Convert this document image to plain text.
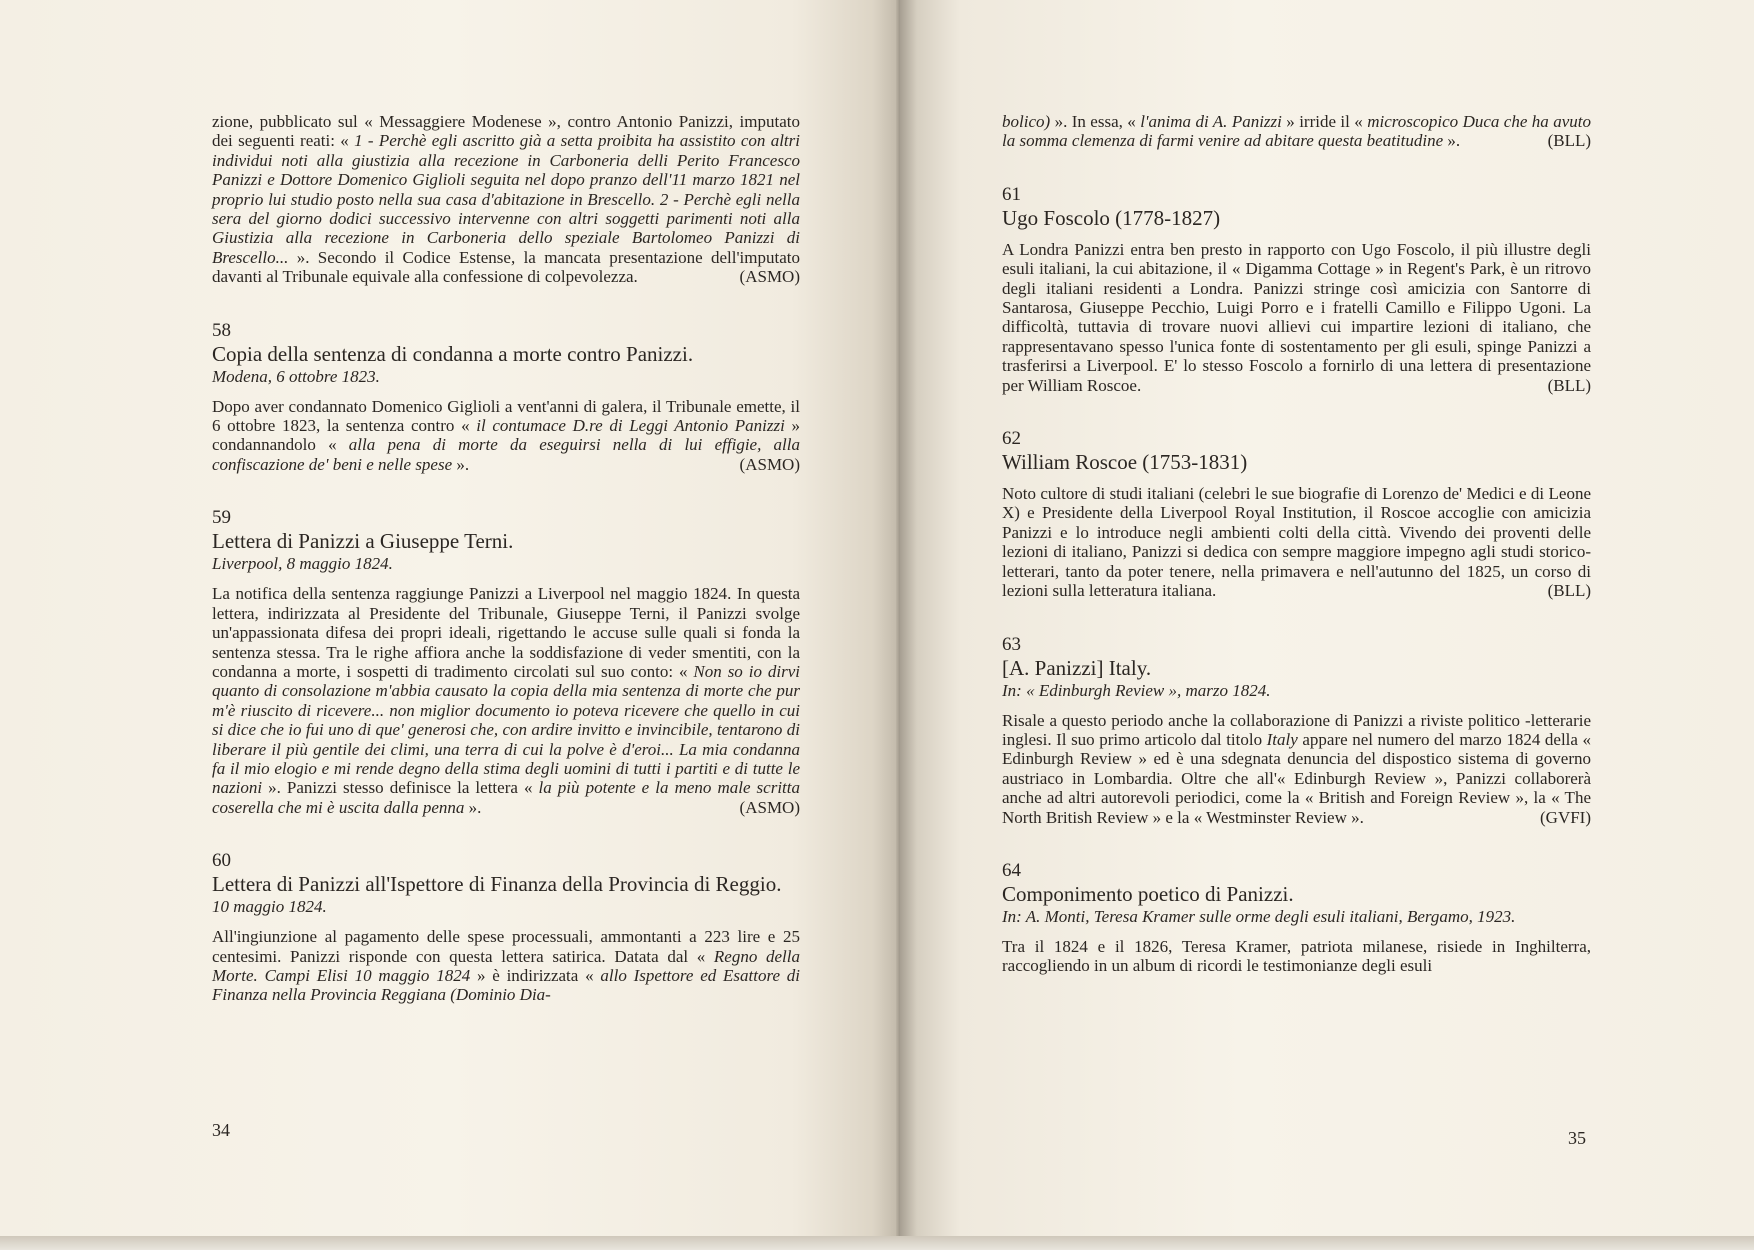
zione, pubblicato sul « Messaggiere Modenese », contro Antonio Panizzi, imputato dei seguenti reati: « 1 - Perchè egli ascritto già a setta proibita ha assistito con altri individui noti alla giustizia alla recezione in Carboneria delli Perito Francesco Panizzi e Dottore Domenico Giglioli seguita nel dopo pranzo dell'11 marzo 1821 nel proprio lui studio posto nella sua casa d'abitazione in Brescello. 2 - Perchè egli nella sera del giorno dodici successivo intervenne con altri soggetti parimenti noti alla Giustizia alla recezione in Carboneria dello speziale Bartolomeo Panizzi di Brescello... ». Secondo il Codice Estense, la mancata presentazione dell'imputato davanti al Tribunale equivale alla confessione di colpevolezza.	(ASMO)

58
Copia della sentenza di condanna a morte contro Panizzi.
Modena, 6 ottobre 1823.

Dopo aver condannato Domenico Giglioli a vent'anni di galera, il Tribunale emette, il 6 ottobre 1823, la sentenza contro « il contumace D.re di Leggi Antonio Panizzi » condannandolo « alla pena di morte da eseguirsi nella di lui effigie, alla confiscazione de' beni e nelle spese ».	(ASMO)

59
Lettera di Panizzi a Giuseppe Terni.
Liverpool, 8 maggio 1824.

La notifica della sentenza raggiunge Panizzi a Liverpool nel maggio 1824. In questa lettera, indirizzata al Presidente del Tribunale, Giuseppe Terni, il Panizzi svolge un'appassionata difesa dei propri ideali, rigettando le accuse sulle quali si fonda la sentenza stessa. Tra le righe affiora anche la soddisfazione di veder smentiti, con la condanna a morte, i sospetti di tradimento circolati sul suo conto: « Non so io dirvi quanto di consolazione m'abbia causato la copia della mia sentenza di morte che pur m'è riuscito di ricevere... non miglior documento io poteva ricevere che quello in cui si dice che io fui uno di que' generosi che, con ardire invitto e invincibile, tentarono di liberare il più gentile dei climi, una terra di cui la polve è d'eroi... La mia condanna fa il mio elogio e mi rende degno della stima degli uomini di tutti i partiti e di tutte le nazioni ». Panizzi stesso definisce la lettera « la più potente e la meno male scritta coserella che mi è uscita dalla penna ».	(ASMO)

60
Lettera di Panizzi all'Ispettore di Finanza della Provincia di Reggio.
10 maggio 1824.

All'ingiunzione al pagamento delle spese processuali, ammontanti a 223 lire e 25 centesimi. Panizzi risponde con questa lettera satirica. Datata dal « Regno della Morte. Campi Elisi 10 maggio 1824 » è indirizzata « allo Ispettore ed Esattore di Finanza nella Provincia Reggiana (Dominio Dia-

34

bolico) ». In essa, « l'anima di A. Panizzi » irride il « microscopico Duca che ha avuto la somma clemenza di farmi venire ad abitare questa beatitudine ».	(BLL)

61
Ugo Foscolo (1778-1827)

A Londra Panizzi entra ben presto in rapporto con Ugo Foscolo, il più illustre degli esuli italiani, la cui abitazione, il « Digamma Cottage » in Regent's Park, è un ritrovo degli italiani residenti a Londra. Panizzi stringe così amicizia con Santorre di Santarosa, Giuseppe Pecchio, Luigi Porro e i fratelli Camillo e Filippo Ugoni. La difficoltà, tuttavia di trovare nuovi allievi cui impartire lezioni di italiano, che rappresentavano spesso l'unica fonte di sostentamento per gli esuli, spinge Panizzi a trasferirsi a Liverpool. E' lo stesso Foscolo a fornirlo di una lettera di presentazione per William Roscoe.	(BLL)

62
William Roscoe (1753-1831)

Noto cultore di studi italiani (celebri le sue biografie di Lorenzo de' Medici e di Leone X) e Presidente della Liverpool Royal Institution, il Roscoe accoglie con amicizia Panizzi e lo introduce negli ambienti colti della città. Vivendo dei proventi delle lezioni di italiano, Panizzi si dedica con sempre maggiore impegno agli studi storico-letterari, tanto da poter tenere, nella primavera e nell'autunno del 1825, un corso di lezioni sulla letteratura italiana.	(BLL)

63
[A. Panizzi] Italy.
In: « Edinburgh Review », marzo 1824.

Risale a questo periodo anche la collaborazione di Panizzi a riviste politico -letterarie inglesi. Il suo primo articolo dal titolo Italy appare nel numero del marzo 1824 della « Edinburgh Review » ed è una sdegnata denuncia del dispostico sistema di governo austriaco in Lombardia. Oltre che all'« Edinburgh Review », Panizzi collaborerà anche ad altri autorevoli periodici, come la « British and Foreign Review », la « The North British Review » e la « Westminster Review ».	(GVFI)

64
Componimento poetico di Panizzi.
In: A. Monti, Teresa Kramer sulle orme degli esuli italiani, Bergamo, 1923.

Tra il 1824 e il 1826, Teresa Kramer, patriota milanese, risiede in Inghilterra, raccogliendo in un album di ricordi le testimonianze degli esuli

35
